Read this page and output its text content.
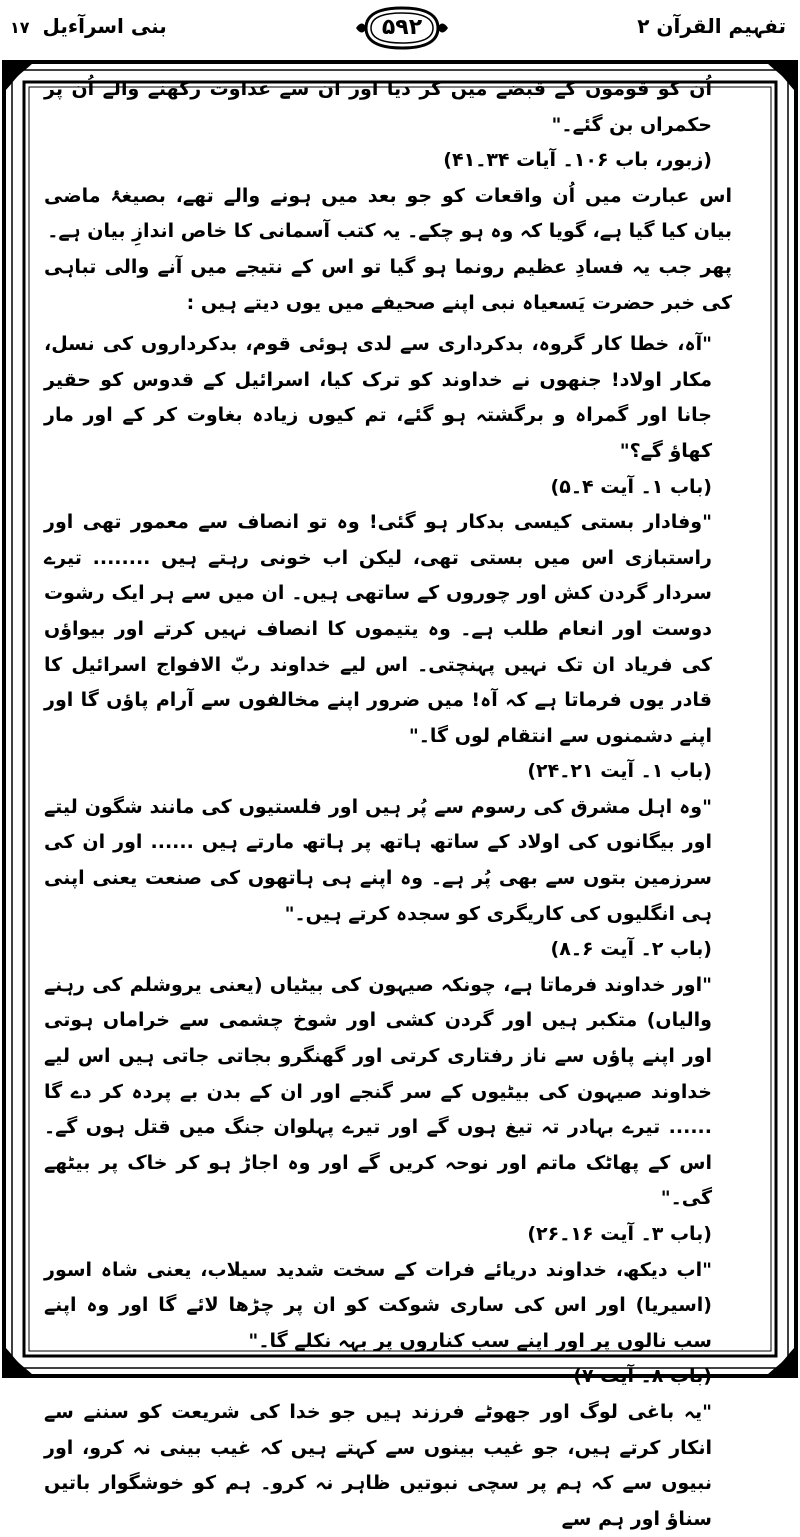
تفہیم القرآن ۲
۵۹۲
بنی اسرآءیل ۱۷

اُن کو قوموں کے قبضے میں کر دیا اور ان سے عداوت رکھنے والے اُن پر حکمراں بن گئے۔"

(زبور، باب ۱۰۶۔ آیات ۳۴۔۴۱)

اس عبارت میں اُن واقعات کو جو بعد میں ہونے والے تھے، بصیغۂ ماضی بیان کیا گیا ہے، گویا کہ وہ ہو چکے۔ یہ کتب آسمانی کا خاص اندازِ بیان ہے۔

پھر جب یہ فسادِ عظیم رونما ہو گیا تو اس کے نتیجے میں آنے والی تباہی کی خبر حضرت یَسعیاہ نبی اپنے صحیفے میں یوں دیتے ہیں :

"آہ، خطا کار گروہ، بدکرداری سے لدی ہوئی قوم، بدکرداروں کی نسل، مکار اولاد! جنھوں نے خداوند کو ترک کیا، اسرائیل کے قدوس کو حقیر جانا اور گمراہ و برگشتہ ہو گئے، تم کیوں زیادہ بغاوت کر کے اور مار کھاؤ گے؟"

(باب ۱۔ آیت ۴۔۵)

"وفادار بستی کیسی بدکار ہو گئی! وہ تو انصاف سے معمور تھی اور راستبازی اس میں بستی تھی، لیکن اب خونی رہتے ہیں ........ تیرے سردار گردن کش اور چوروں کے ساتھی ہیں۔ ان میں سے ہر ایک رشوت دوست اور انعام طلب ہے۔ وہ یتیموں کا انصاف نہیں کرتے اور بیواؤں کی فریاد ان تک نہیں پہنچتی۔ اس لیے خداوند ربّ الافواج اسرائیل کا قادر یوں فرماتا ہے کہ آہ! میں ضرور اپنے مخالفوں سے آرام پاؤں گا اور اپنے دشمنوں سے انتقام لوں گا۔"

(باب ۱۔ آیت ۲۱۔۲۴)

"وہ اہل مشرق کی رسوم سے پُر ہیں اور فلستیوں کی مانند شگون لیتے اور بیگانوں کی اولاد کے ساتھ ہاتھ پر ہاتھ مارتے ہیں ...... اور ان کی سرزمین بتوں سے بھی پُر ہے۔ وہ اپنے ہی ہاتھوں کی صنعت یعنی اپنی ہی انگلیوں کی کاریگری کو سجدہ کرتے ہیں۔"

(باب ۲۔ آیت ۶۔۸)

"اور خداوند فرماتا ہے، چونکہ صیہون کی بیٹیاں (یعنی یروشلم کی رہنے والیاں) متکبر ہیں اور گردن کشی اور شوخ چشمی سے خراماں ہوتی اور اپنے پاؤں سے ناز رفتاری کرتی اور گھنگرو بجاتی جاتی ہیں اس لیے خداوند صیہون کی بیٹیوں کے سر گنجے اور ان کے بدن بے پردہ کر دے گا ...... تیرے بہادر تہ تیغ ہوں گے اور تیرے پہلوان جنگ میں قتل ہوں گے۔ اس کے پھاٹک ماتم اور نوحہ کریں گے اور وہ اجاڑ ہو کر خاک پر بیٹھے گی۔"

(باب ۳۔ آیت ۱۶۔۲۶)

"اب دیکھ، خداوند دریائے فرات کے سخت شدید سیلاب، یعنی شاہ اسور (اسیریا) اور اس کی ساری شوکت کو ان پر چڑھا لائے گا اور وہ اپنے سب نالوں پر اور اپنے سب کناروں پر بہہ نکلے گا۔"

(باب ۸۔ آیت ۷)

"یہ باغی لوگ اور جھوٹے فرزند ہیں جو خدا کی شریعت کو سننے سے انکار کرتے ہیں، جو غیب بینوں سے کہتے ہیں کہ غیب بینی نہ کرو، اور نبیوں سے کہ ہم پر سچی نبوتیں ظاہر نہ کرو۔ ہم کو خوشگوار باتیں سناؤ اور ہم سے
